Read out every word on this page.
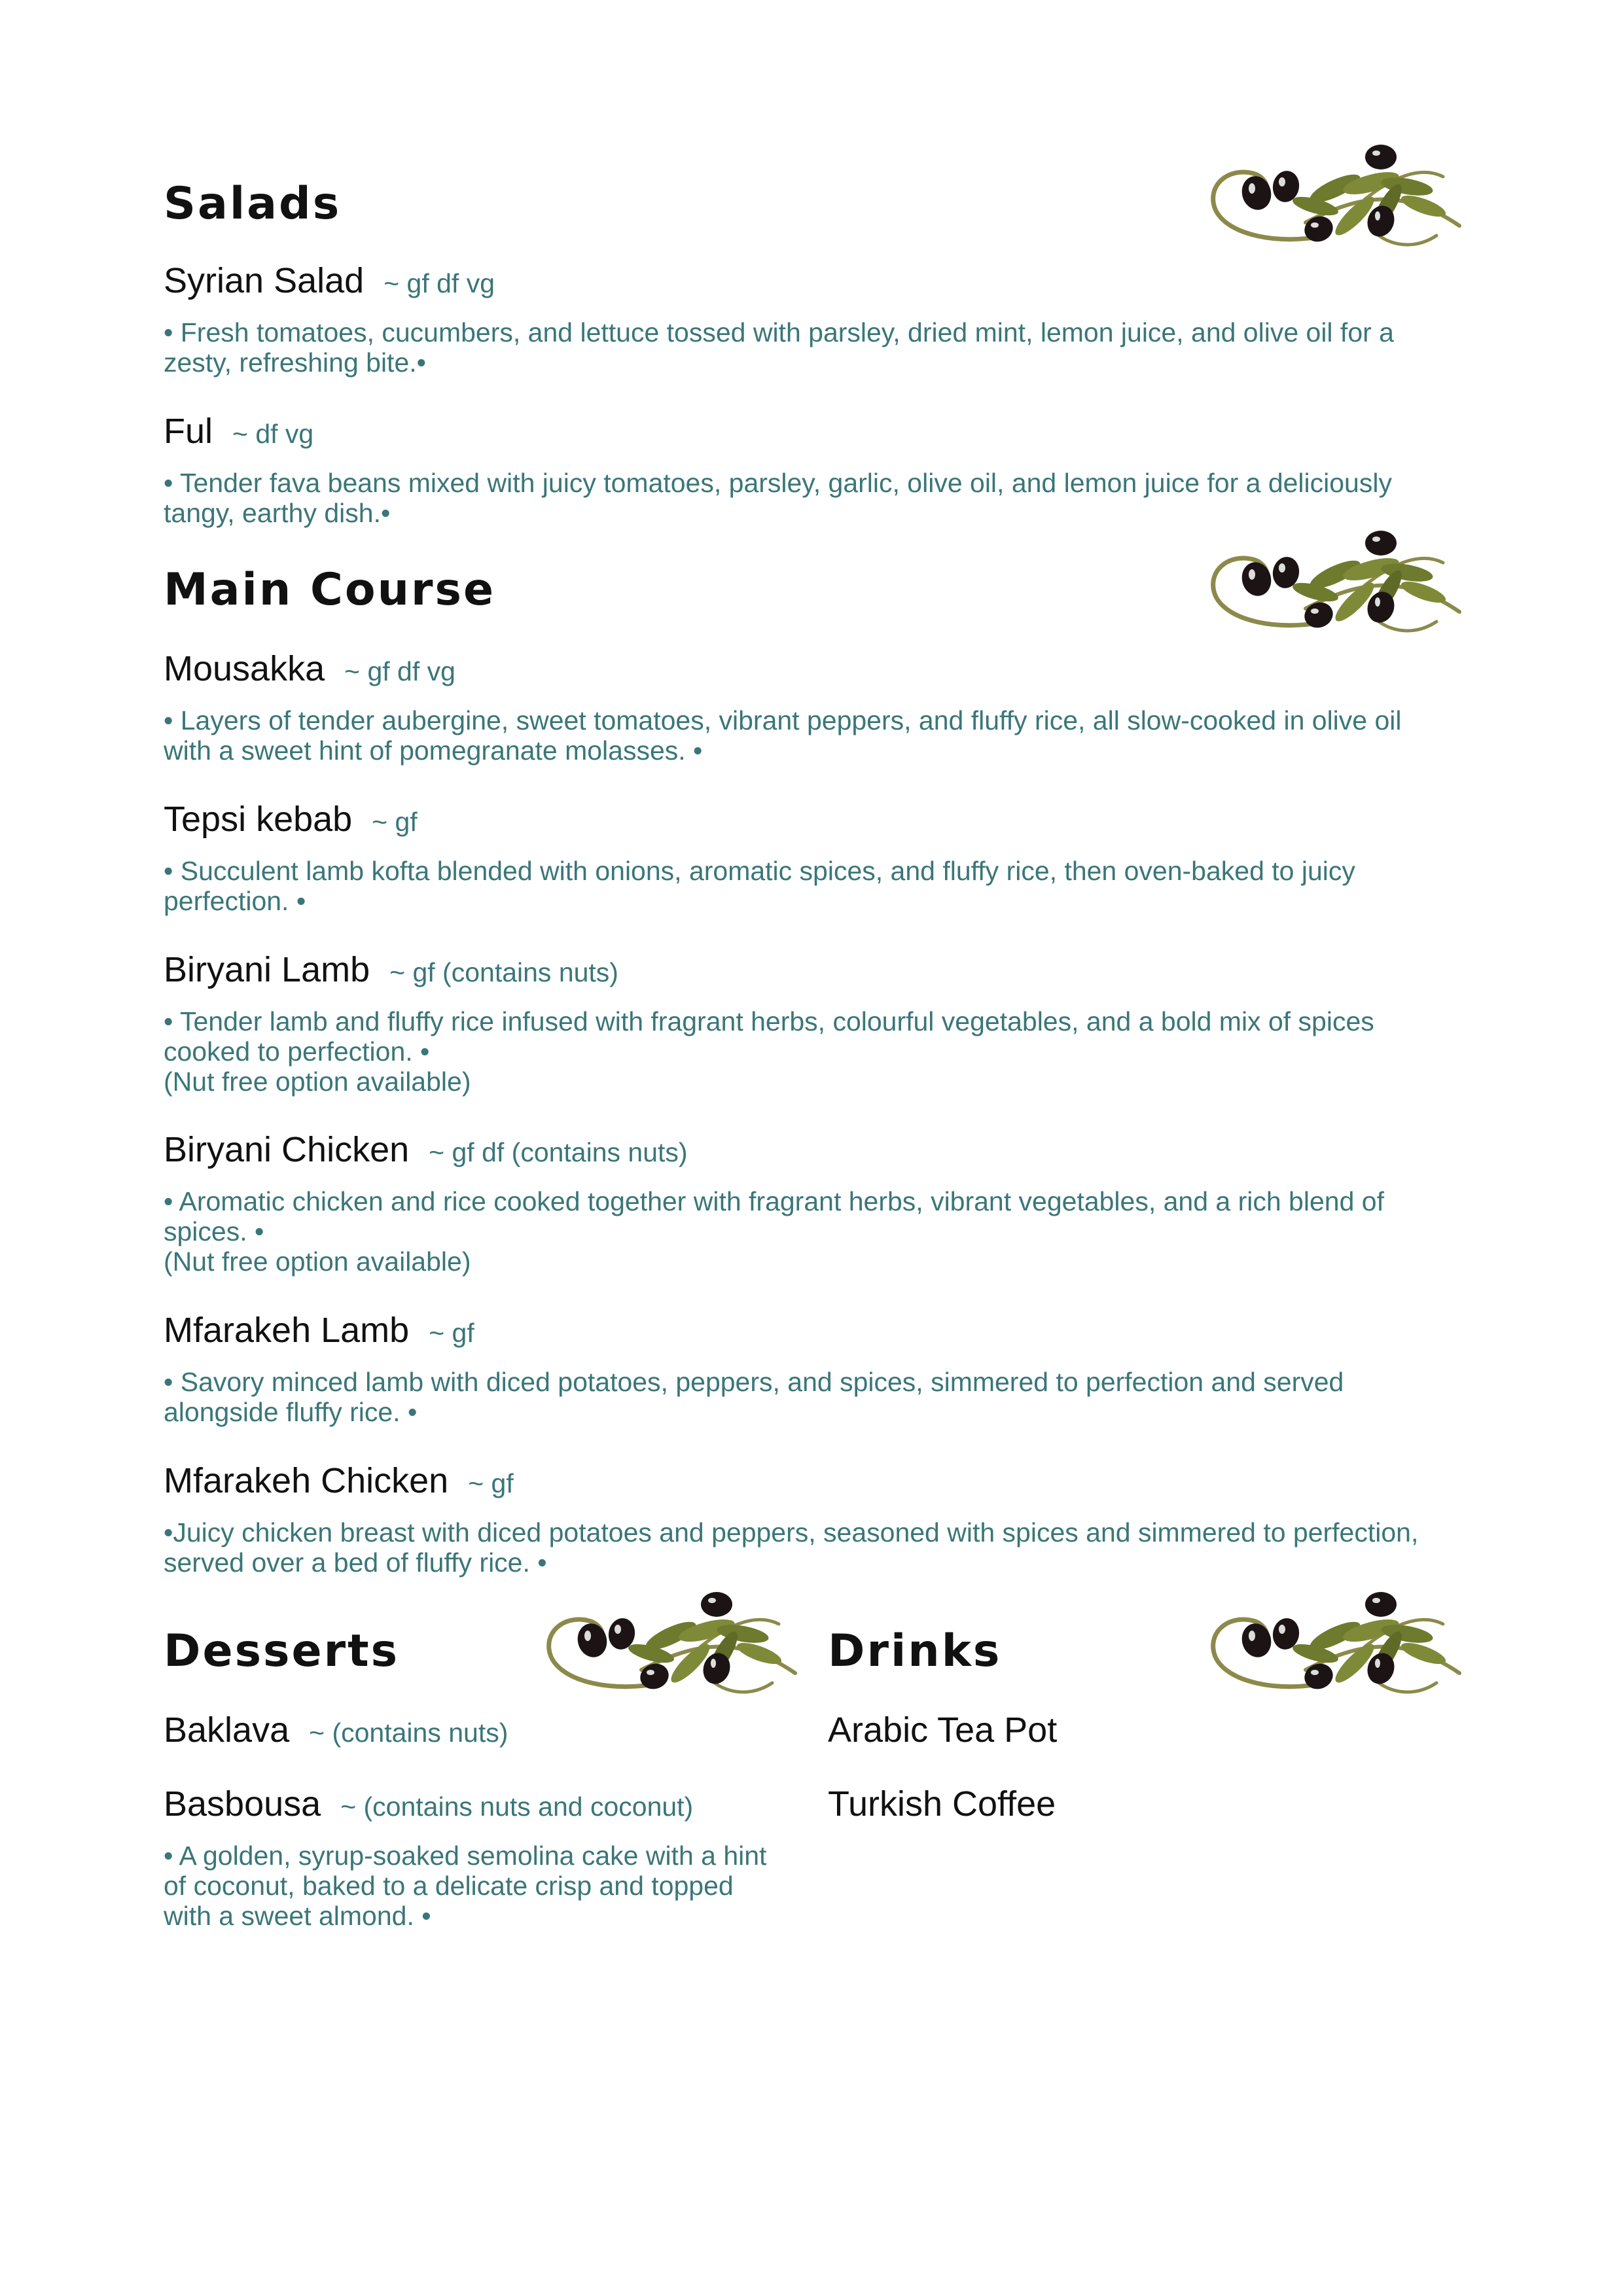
Salads
Syrian Salad ~ gf df vg

• Fresh tomatoes, cucumbers, and lettuce tossed with parsley, dried mint, lemon juice, and olive oil for a
zesty, refreshing bite.•

Ful ~ df vg

• Tender fava beans mixed with juicy tomatoes, parsley, garlic, olive oil, and lemon juice for a deliciously
tangy, earthy dish.•

Main Course
Mousakka ~ gf df vg

• Layers of tender aubergine, sweet tomatoes, vibrant peppers, and fluffy rice, all slow-cooked in olive oil
with a sweet hint of pomegranate molasses. •

Tepsi kebab ~ gf

• Succulent lamb kofta blended with onions, aromatic spices, and fluffy rice, then oven-baked to juicy
perfection. •

Biryani Lamb ~ gf (contains nuts)

• Tender lamb and fluffy rice infused with fragrant herbs, colourful vegetables, and a bold mix of spices
cooked to perfection. •
(Nut free option available)

Biryani Chicken ~ gf df (contains nuts)

• Aromatic chicken and rice cooked together with fragrant herbs, vibrant vegetables, and a rich blend of
spices. •
(Nut free option available)

Mfarakeh Lamb ~ gf

• Savory minced lamb with diced potatoes, peppers, and spices, simmered to perfection and served
alongside fluffy rice. •

Mfarakeh Chicken ~ gf

•Juicy chicken breast with diced potatoes and peppers, seasoned with spices and simmered to perfection,
served over a bed of fluffy rice. •

Desserts
Baklava ~ (contains nuts)
Basbousa ~ (contains nuts and coconut)

• A golden, syrup-soaked semolina cake with a hint
of coconut, baked to a delicate crisp and topped
with a sweet almond. •

Drinks
Arabic Tea Pot
Turkish Coffee
